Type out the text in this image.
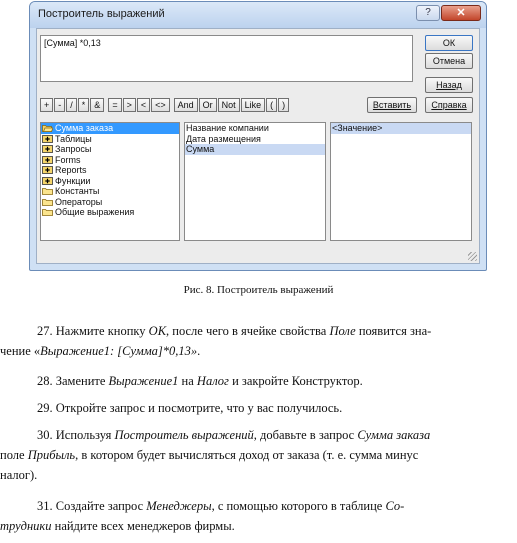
Построитель выражений	?	✕
[Сумма] *0,13	ОК
Отмена
Назад
Справка
Вставить
+	-	/	*	&	=	>	<	<>	And	Or	Not	Like	(	)
Сумма заказа
Таблицы
Запросы
Forms
Reports
Функции
Константы
Операторы
Общие выражения
Название компании
Дата размещения
Сумма
<Значение>
Рис. 8. Построитель выражений

27. Нажмите кнопку ОК, после чего в ячейке свойства Поле появится зна-
чение «Выражение1: [Сумма]*0,13».

28. Замените Выражение1 на Налог и закройте Конструктор.

29. Откройте запрос и посмотрите, что у вас получилось.

30. Используя Построитель выражений, добавьте в запрос Сумма заказа
поле Прибыль, в котором будет вычисляться доход от заказа (т. е. сумма минус
налог).

31. Создайте запрос Менеджеры, с помощью которого в таблице Со-
трудники найдите всех менеджеров фирмы.
